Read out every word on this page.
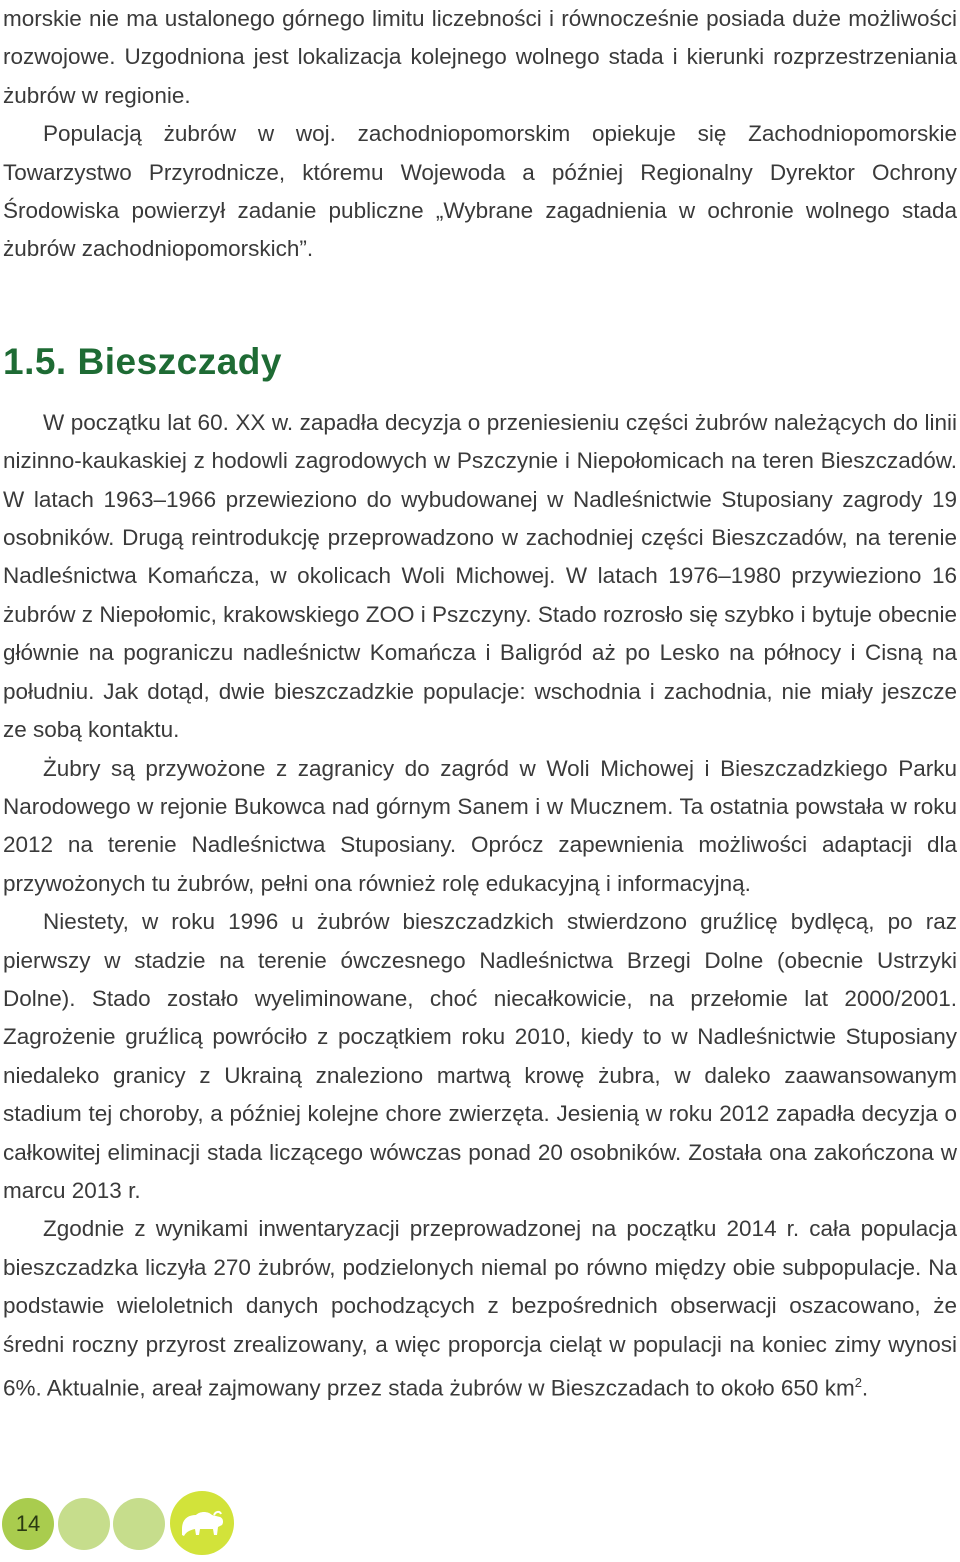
morskie nie ma ustalonego górnego limitu liczebności i równocześnie posiada duże możliwości rozwojowe. Uzgodniona jest lokalizacja kolejnego wolnego stada i kierunki rozprzestrzeniania żubrów w regionie.

Populacją żubrów w woj. zachodniopomorskim opiekuje się Zachodniopomorskie Towarzystwo Przyrodnicze, któremu Wojewoda a później Regionalny Dyrektor Ochrony Środowiska powierzył zadanie publiczne „Wybrane zagadnienia w ochronie wolnego stada żubrów zachodniopomorskich”.

1.5. Bieszczady

W początku lat 60. XX w. zapadła decyzja o przeniesieniu części żubrów należących do linii nizinno-kaukaskiej z hodowli zagrodowych w Pszczynie i Niepołomicach na teren Bieszczadów. W latach 1963–1966 przewieziono do wybudowanej w Nadleśnictwie Stuposiany zagrody 19 osobników. Drugą reintrodukcję przeprowadzono w zachodniej części Bieszczadów, na terenie Nadleśnictwa Komańcza, w okolicach Woli Michowej. W latach 1976–1980 przywieziono 16 żubrów z Niepołomic, krakowskiego ZOO i Pszczyny. Stado rozrosło się szybko i bytuje obecnie głównie na pograniczu nadleśnictw Komańcza i Baligród aż po Lesko na północy i Cisną na południu. Jak dotąd, dwie bieszczadzkie populacje: wschodnia i zachodnia, nie miały jeszcze ze sobą kontaktu.

Żubry są przywożone z zagranicy do zagród w Woli Michowej i Bieszczadzkiego Parku Narodowego w rejonie Bukowca nad górnym Sanem i w Mucznem. Ta ostatnia powstała w roku 2012 na terenie Nadleśnictwa Stuposiany. Oprócz zapewnienia możliwości adaptacji dla przywożonych tu żubrów, pełni ona również rolę edukacyjną i informacyjną.

Niestety, w roku 1996 u żubrów bieszczadzkich stwierdzono gruźlicę bydlęcą, po raz pierwszy w stadzie na terenie ówczesnego Nadleśnictwa Brzegi Dolne (obecnie Ustrzyki Dolne). Stado zostało wyeliminowane, choć niecałkowicie, na przełomie lat 2000/2001. Zagrożenie gruźlicą powróciło z początkiem roku 2010, kiedy to w Nadleśnictwie Stuposiany niedaleko granicy z Ukrainą znaleziono martwą krowę żubra, w daleko zaawansowanym stadium tej choroby, a później kolejne chore zwierzęta. Jesienią w roku 2012 zapadła decyzja o całkowitej eliminacji stada liczącego wówczas ponad 20 osobników. Została ona zakończona w marcu 2013 r.

Zgodnie z wynikami inwentaryzacji przeprowadzonej na początku 2014 r. cała populacja bieszczadzka liczyła 270 żubrów, podzielonych niemal po równo między obie subpopulacje. Na podstawie wieloletnich danych pochodzących z bezpośrednich obserwacji oszacowano, że średni roczny przyrost zrealizowany, a więc proporcja cieląt w populacji na koniec zimy wynosi 6%. Aktualnie, areał zajmowany przez stada żubrów w Bieszczadach to około 650 $km^2$.

14
